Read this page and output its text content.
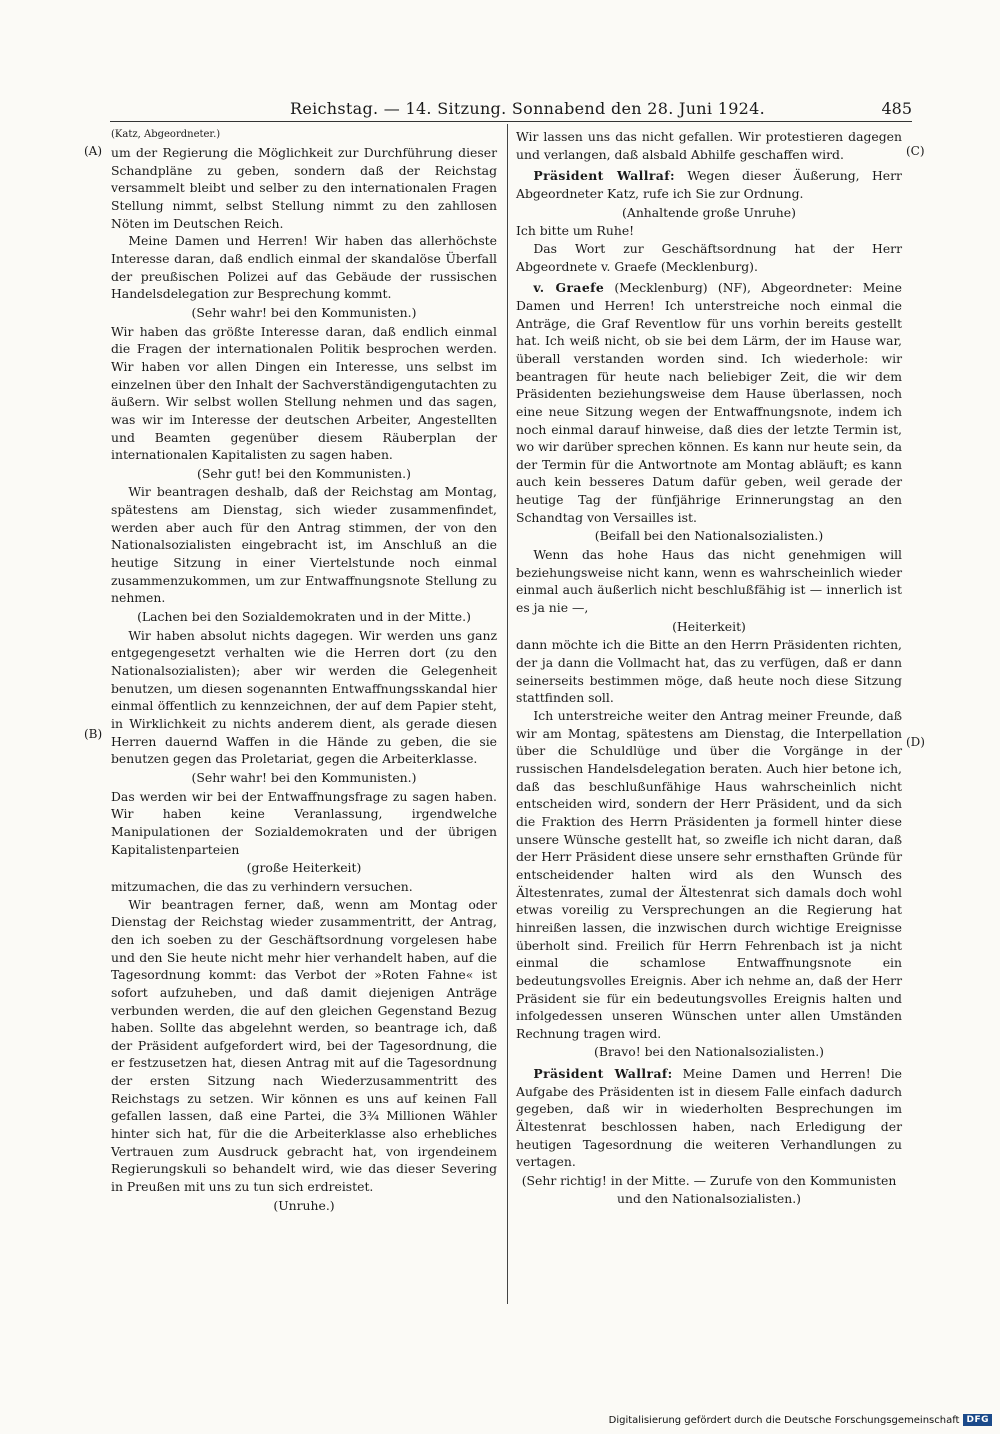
Reichstag. — 14. Sitzung. Sonnabend den 28. Juni 1924.	485
(A)
(B)
(C)
(D)

(Katz, Abgeordneter.)

um der Regierung die Möglichkeit zur Durchführung dieser Schandpläne zu geben, sondern daß der Reichstag versammelt bleibt und selber zu den internationalen Fragen Stellung nimmt, selbst Stellung nimmt zu den zahllosen Nöten im Deutschen Reich.

Meine Damen und Herren! Wir haben das allerhöchste Interesse daran, daß endlich einmal der skandalöse Überfall der preußischen Polizei auf das Gebäude der russischen Handelsdelegation zur Besprechung kommt.

(Sehr wahr! bei den Kommunisten.)

Wir haben das größte Interesse daran, daß endlich einmal die Fragen der internationalen Politik besprochen werden. Wir haben vor allen Dingen ein Interesse, uns selbst im einzelnen über den Inhalt der Sachverständigengutachten zu äußern. Wir selbst wollen Stellung nehmen und das sagen, was wir im Interesse der deutschen Arbeiter, Angestellten und Beamten gegenüber diesem Räuberplan der internationalen Kapitalisten zu sagen haben.

(Sehr gut! bei den Kommunisten.)

Wir beantragen deshalb, daß der Reichstag am Montag, spätestens am Dienstag, sich wieder zusammenfindet, werden aber auch für den Antrag stimmen, der von den Nationalsozialisten eingebracht ist, im Anschluß an die heutige Sitzung in einer Viertelstunde noch einmal zusammenzukommen, um zur Entwaffnungsnote Stellung zu nehmen.

(Lachen bei den Sozialdemokraten und in der Mitte.)

Wir haben absolut nichts dagegen. Wir werden uns ganz entgegengesetzt verhalten wie die Herren dort (zu den Nationalsozialisten); aber wir werden die Gelegenheit benutzen, um diesen sogenannten Entwaffnungsskandal hier einmal öffentlich zu kennzeichnen, der auf dem Papier steht, in Wirklichkeit zu nichts anderem dient, als gerade diesen Herren dauernd Waffen in die Hände zu geben, die sie benutzen gegen das Proletariat, gegen die Arbeiterklasse.

(Sehr wahr! bei den Kommunisten.)

Das werden wir bei der Entwaffnungsfrage zu sagen haben. Wir haben keine Veranlassung, irgendwelche Manipulationen der Sozialdemokraten und der übrigen Kapitalistenparteien

(große Heiterkeit)

mitzumachen, die das zu verhindern versuchen.

Wir beantragen ferner, daß, wenn am Montag oder Dienstag der Reichstag wieder zusammentritt, der Antrag, den ich soeben zu der Geschäftsordnung vorgelesen habe und den Sie heute nicht mehr hier verhandelt haben, auf die Tagesordnung kommt: das Verbot der »Roten Fahne« ist sofort aufzuheben, und daß damit diejenigen Anträge verbunden werden, die auf den gleichen Gegenstand Bezug haben. Sollte das abgelehnt werden, so beantrage ich, daß der Präsident aufgefordert wird, bei der Tagesordnung, die er festzusetzen hat, diesen Antrag mit auf die Tagesordnung der ersten Sitzung nach Wiederzusammentritt des Reichstags zu setzen. Wir können es uns auf keinen Fall gefallen lassen, daß eine Partei, die 3¾ Millionen Wähler hinter sich hat, für die die Arbeiterklasse also erhebliches Vertrauen zum Ausdruck gebracht hat, von irgendeinem Regierungskuli so behandelt wird, wie das dieser Severing in Preußen mit uns zu tun sich erdreistet.

(Unruhe.)

Wir lassen uns das nicht gefallen. Wir protestieren dagegen und verlangen, daß alsbald Abhilfe geschaffen wird.

Präsident Wallraf: Wegen dieser Äußerung, Herr Abgeordneter Katz, rufe ich Sie zur Ordnung.

(Anhaltende große Unruhe)

Ich bitte um Ruhe!

Das Wort zur Geschäftsordnung hat der Herr Abgeordnete v. Graefe (Mecklenburg).

v. Graefe (Mecklenburg) (NF), Abgeordneter: Meine Damen und Herren! Ich unterstreiche noch einmal die Anträge, die Graf Reventlow für uns vorhin bereits gestellt hat. Ich weiß nicht, ob sie bei dem Lärm, der im Hause war, überall verstanden worden sind. Ich wiederhole: wir beantragen für heute nach beliebiger Zeit, die wir dem Präsidenten beziehungsweise dem Hause überlassen, noch eine neue Sitzung wegen der Entwaffnungsnote, indem ich noch einmal darauf hinweise, daß dies der letzte Termin ist, wo wir darüber sprechen können. Es kann nur heute sein, da der Termin für die Antwortnote am Montag abläuft; es kann auch kein besseres Datum dafür geben, weil gerade der heutige Tag der fünfjährige Erinnerungstag an den Schandtag von Versailles ist.

(Beifall bei den Nationalsozialisten.)

Wenn das hohe Haus das nicht genehmigen will beziehungsweise nicht kann, wenn es wahrscheinlich wieder einmal auch äußerlich nicht beschlußfähig ist — innerlich ist es ja nie —,

(Heiterkeit)

dann möchte ich die Bitte an den Herrn Präsidenten richten, der ja dann die Vollmacht hat, das zu verfügen, daß er dann seinerseits bestimmen möge, daß heute noch diese Sitzung stattfinden soll.

Ich unterstreiche weiter den Antrag meiner Freunde, daß wir am Montag, spätestens am Dienstag, die Interpellation über die Schuldlüge und über die Vorgänge in der russischen Handelsdelegation beraten. Auch hier betone ich, daß das beschlußunfähige Haus wahrscheinlich nicht entscheiden wird, sondern der Herr Präsident, und da sich die Fraktion des Herrn Präsidenten ja formell hinter diese unsere Wünsche gestellt hat, so zweifle ich nicht daran, daß der Herr Präsident diese unsere sehr ernsthaften Gründe für entscheidender halten wird als den Wunsch des Ältestenrates, zumal der Ältestenrat sich damals doch wohl etwas voreilig zu Versprechungen an die Regierung hat hinreißen lassen, die inzwischen durch wichtige Ereignisse überholt sind. Freilich für Herrn Fehrenbach ist ja nicht einmal die schamlose Entwaffnungsnote ein bedeutungsvolles Ereignis. Aber ich nehme an, daß der Herr Präsident sie für ein bedeutungsvolles Ereignis halten und infolgedessen unseren Wünschen unter allen Umständen Rechnung tragen wird.

(Bravo! bei den Nationalsozialisten.)

Präsident Wallraf: Meine Damen und Herren! Die Aufgabe des Präsidenten ist in diesem Falle einfach dadurch gegeben, daß wir in wiederholten Besprechungen im Ältestenrat beschlossen haben, nach Erledigung der heutigen Tagesordnung die weiteren Verhandlungen zu vertagen.

(Sehr richtig! in der Mitte. — Zurufe von den Kommunisten und den Nationalsozialisten.)

Digitalisierung gefördert durch die Deutsche Forschungsgemeinschaft DFG
